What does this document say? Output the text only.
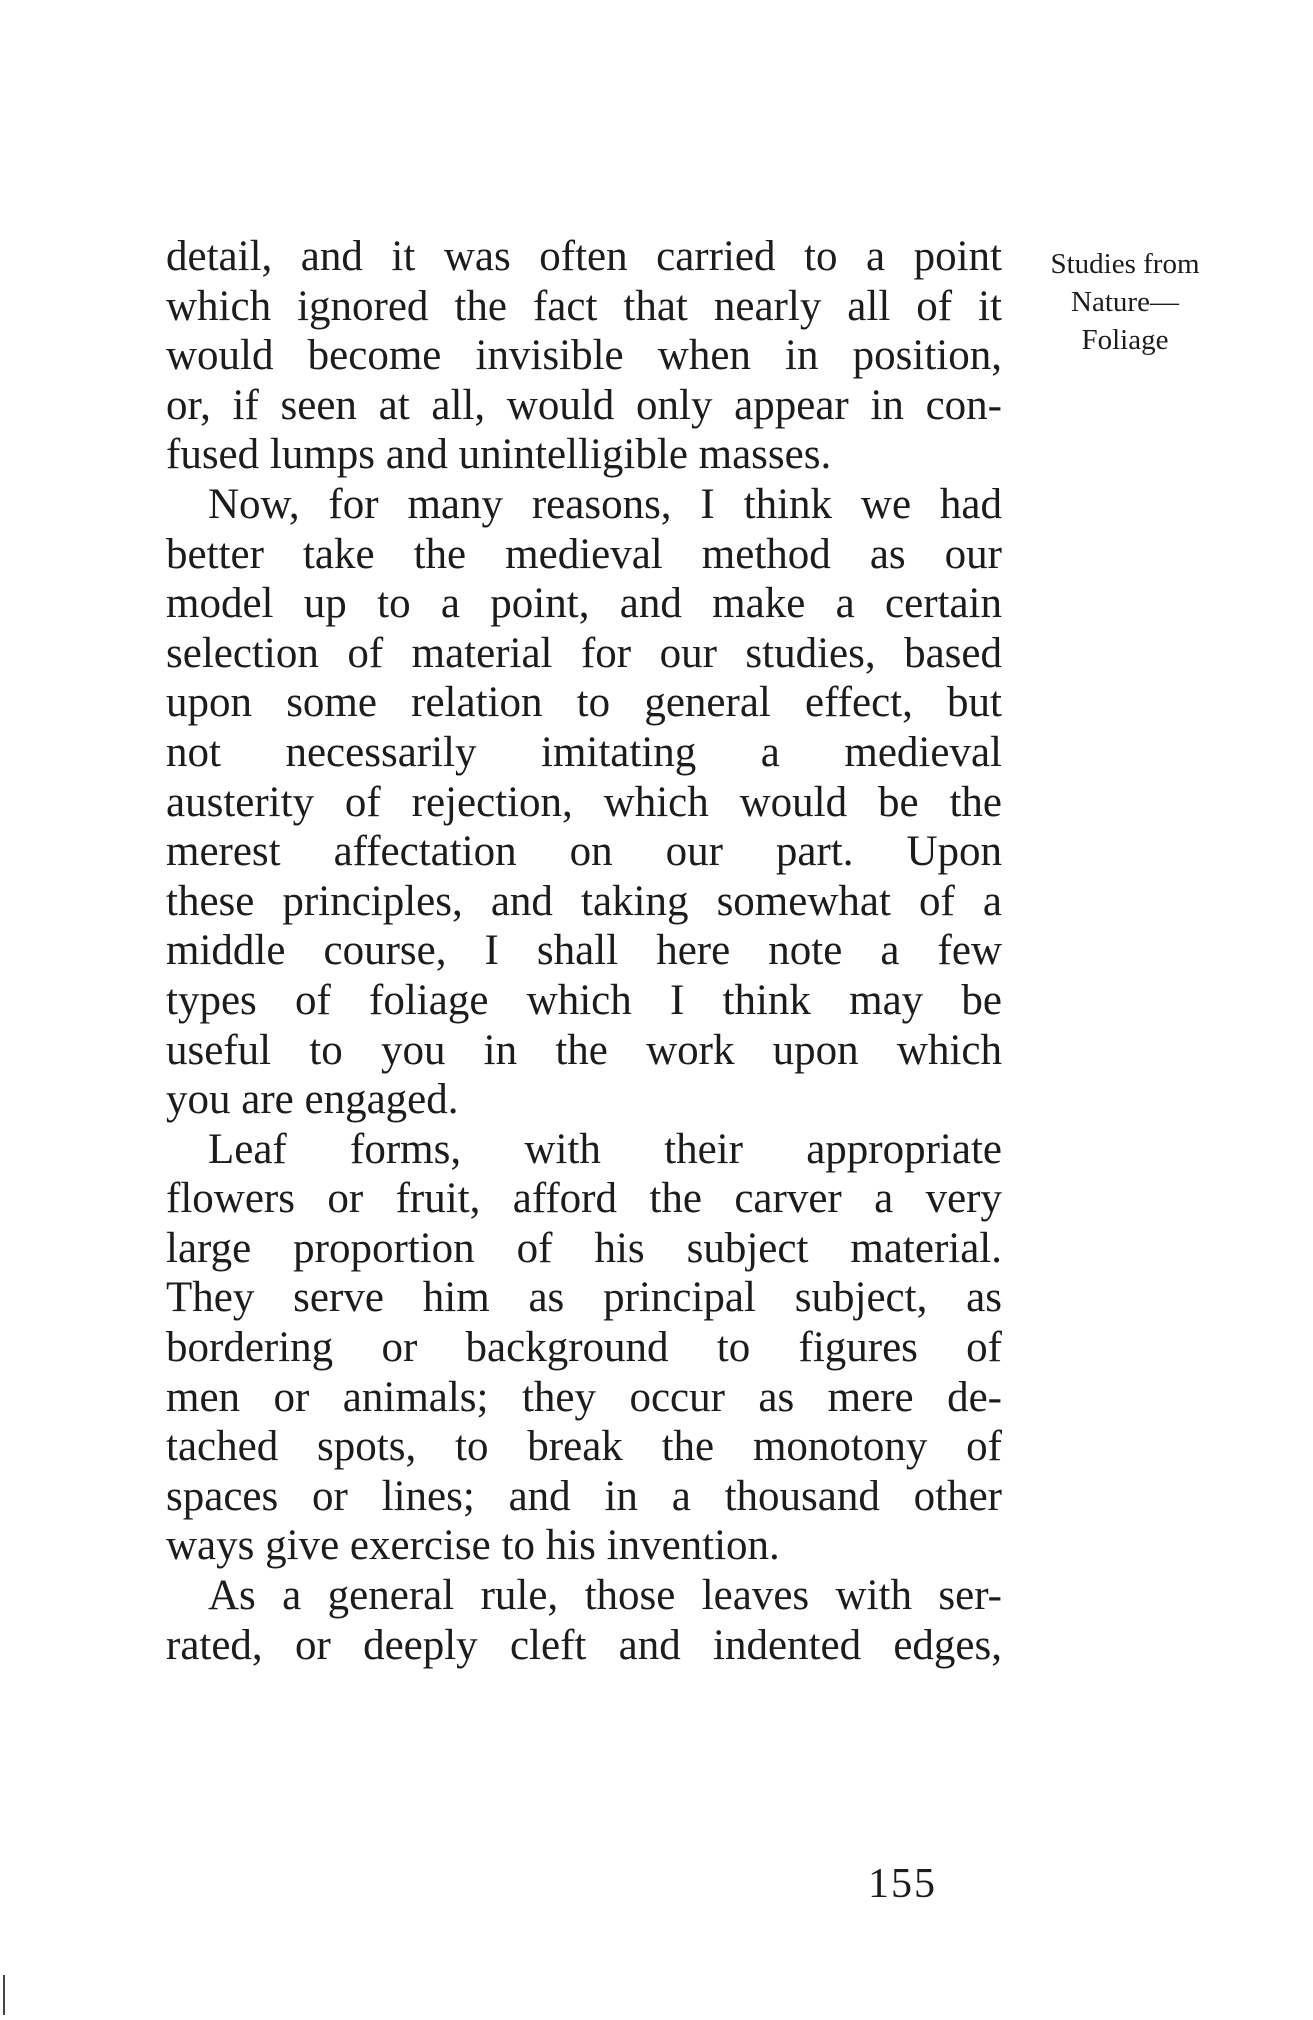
Studies from
Nature—
Foliage
detail, and it was often carried to a point
which ignored the fact that nearly all of it
would become invisible when in position,
or, if seen at all, would only appear in con-
fused lumps and unintelligible masses.
Now, for many reasons, I think we had
better take the medieval method as our
model up to a point, and make a certain
selection of material for our studies, based
upon some relation to general effect, but
not necessarily imitating a medieval
austerity of rejection, which would be the
merest affectation on our part. Upon
these principles, and taking somewhat of a
middle course, I shall here note a few
types of foliage which I think may be
useful to you in the work upon which
you are engaged.
Leaf forms, with their appropriate
flowers or fruit, afford the carver a very
large proportion of his subject material.
They serve him as principal subject, as
bordering or background to figures of
men or animals; they occur as mere de-
tached spots, to break the monotony of
spaces or lines; and in a thousand other
ways give exercise to his invention.
As a general rule, those leaves with ser-
rated, or deeply cleft and indented edges,
155
